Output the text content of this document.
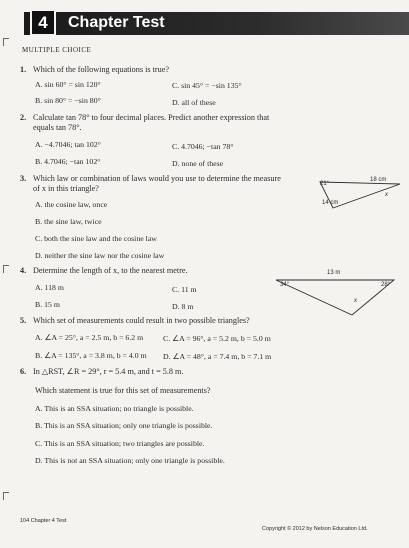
4	Chapter Test
MULTIPLE CHOICE
1. Which of the following equations is true?
A. sin 60° = sin 120°	C. sin 45° = −sin 135°
B. sin 80° = −sin 80°	D. all of these
2. Calculate tan 78° to four decimal places. Predict another expression that
equals tan 78°.
A. −4.7046; tan 102°	C. 4.7046; −tan 78°
B. 4.7046; −tan 102°	D. none of these
3. Which law or combination of laws would you use to determine the measure
of x in this triangle?
A. the cosine law, once
B. the sine law, twice
C. both the sine law and the cosine law
D. neither the sine law nor the cosine law
21°
18 cm
14 cm
x
4. Determine the length of x, to the nearest metre.
A. 118 m	C. 11 m
B. 15 m	D. 8 m
13 m
34°	28°
x
5. Which set of measurements could result in two possible triangles?
A. ∠A = 25°, a = 2.5 m, b = 6.2 m	C. ∠A = 96°, a = 5.2 m, b = 5.0 m
B. ∠A = 135°, a = 3.8 m, b = 4.0 m D. ∠A = 48°, a = 7.4 m, b = 7.1 m
6. In △RST, ∠R = 29°, r = 5.4 m, and t = 5.8 m.
Which statement is true for this set of measurements?
A. This is an SSA situation; no triangle is possible.
B. This is an SSA situation; only one triangle is possible.
C. This is an SSA situation; two triangles are possible.
D. This is not an SSA situation; only one triangle is possible.
104 Chapter 4 Test
Copyright © 2012 by Nelson Education Ltd.
